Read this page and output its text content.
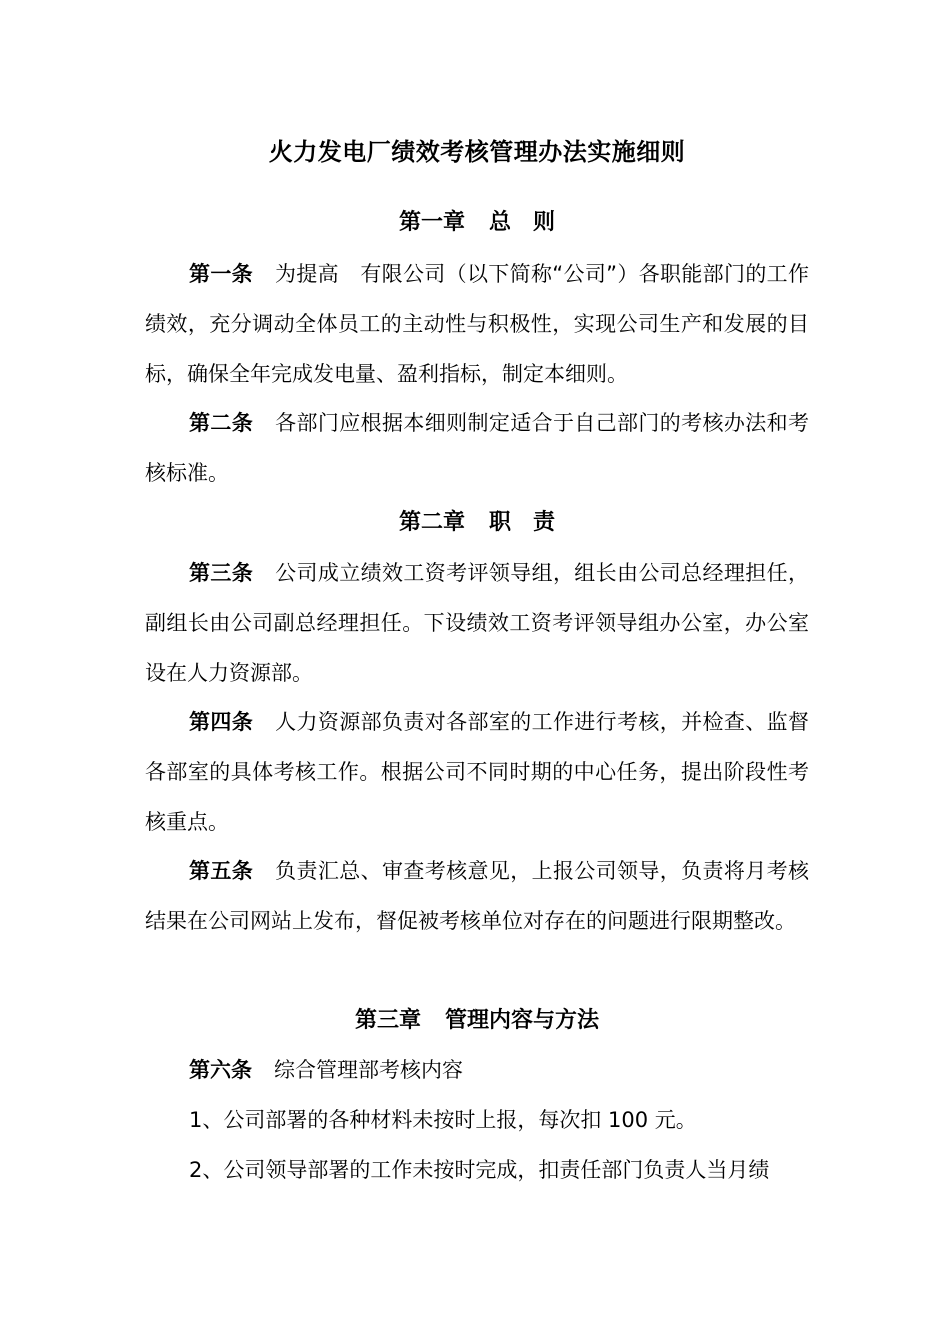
火力发电厂绩效考核管理办法实施细则
第一章 总　则
第一条 为提高　有限公司（以下简称“公司”）各职能部门的工作绩效，充分调动全体员工的主动性与积极性，实现公司生产和发展的目标，确保全年完成发电量、盈利指标，制定本细则。
第二条 各部门应根据本细则制定适合于自己部门的考核办法和考核标准。
第二章 职　责
第三条 公司成立绩效工资考评领导组，组长由公司总经理担任，副组长由公司副总经理担任。下设绩效工资考评领导组办公室，办公室设在人力资源部。
第四条 人力资源部负责对各部室的工作进行考核，并检查、监督各部室的具体考核工作。根据公司不同时期的中心任务，提出阶段性考核重点。
第五条 负责汇总、审查考核意见，上报公司领导，负责将月考核结果在公司网站上发布，督促被考核单位对存在的问题进行限期整改。
第三章 管理内容与方法
第六条 综合管理部考核内容
1、公司部署的各种材料未按时上报，每次扣 100 元。
2、公司领导部署的工作未按时完成，扣责任部门负责人当月绩
